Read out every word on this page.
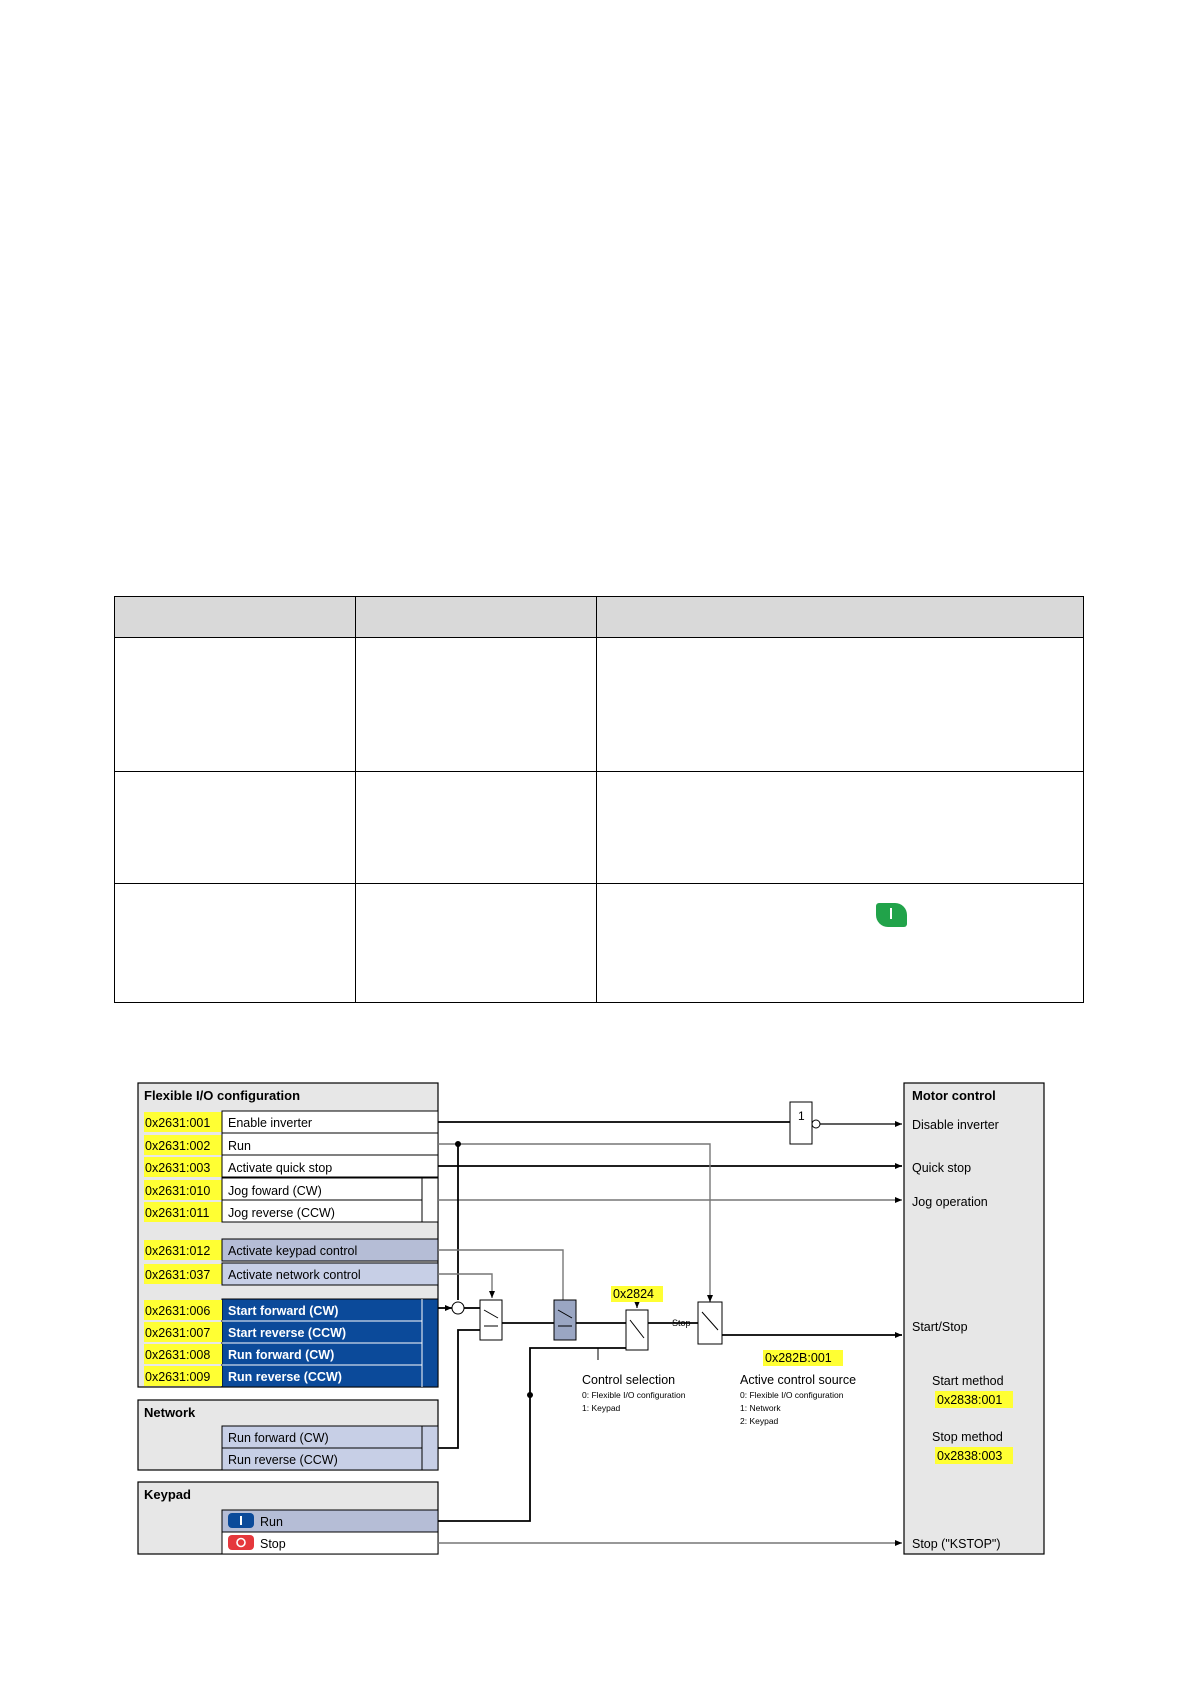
Flexible I/O configuration
0x2631:001 Enable inverter
0x2631:002 Run
0x2631:003 Activate quick stop
0x2631:010 Jog foward (CW)
0x2631:011 Jog reverse (CCW)
0x2631:012 Activate keypad control
0x2631:037 Activate network control
0x2631:006 Start forward (CW)
0x2631:007 Start reverse (CCW)
0x2631:008 Run forward (CW)
0x2631:009 Run reverse (CCW)
Network
Run forward (CW)
Run reverse (CCW)
Keypad
Run
Stop
Motor control
Disable inverter
Quick stop
Jog operation
Start/Stop
Stop ("KSTOP")
Start method
0x2838:001
Stop method
0x2838:003
1
Stop
0x2824
0x282B:001
Control selection
0: Flexible I/O configuration
1: Keypad
Active control source
0: Flexible I/O configuration
1: Network
2: Keypad
